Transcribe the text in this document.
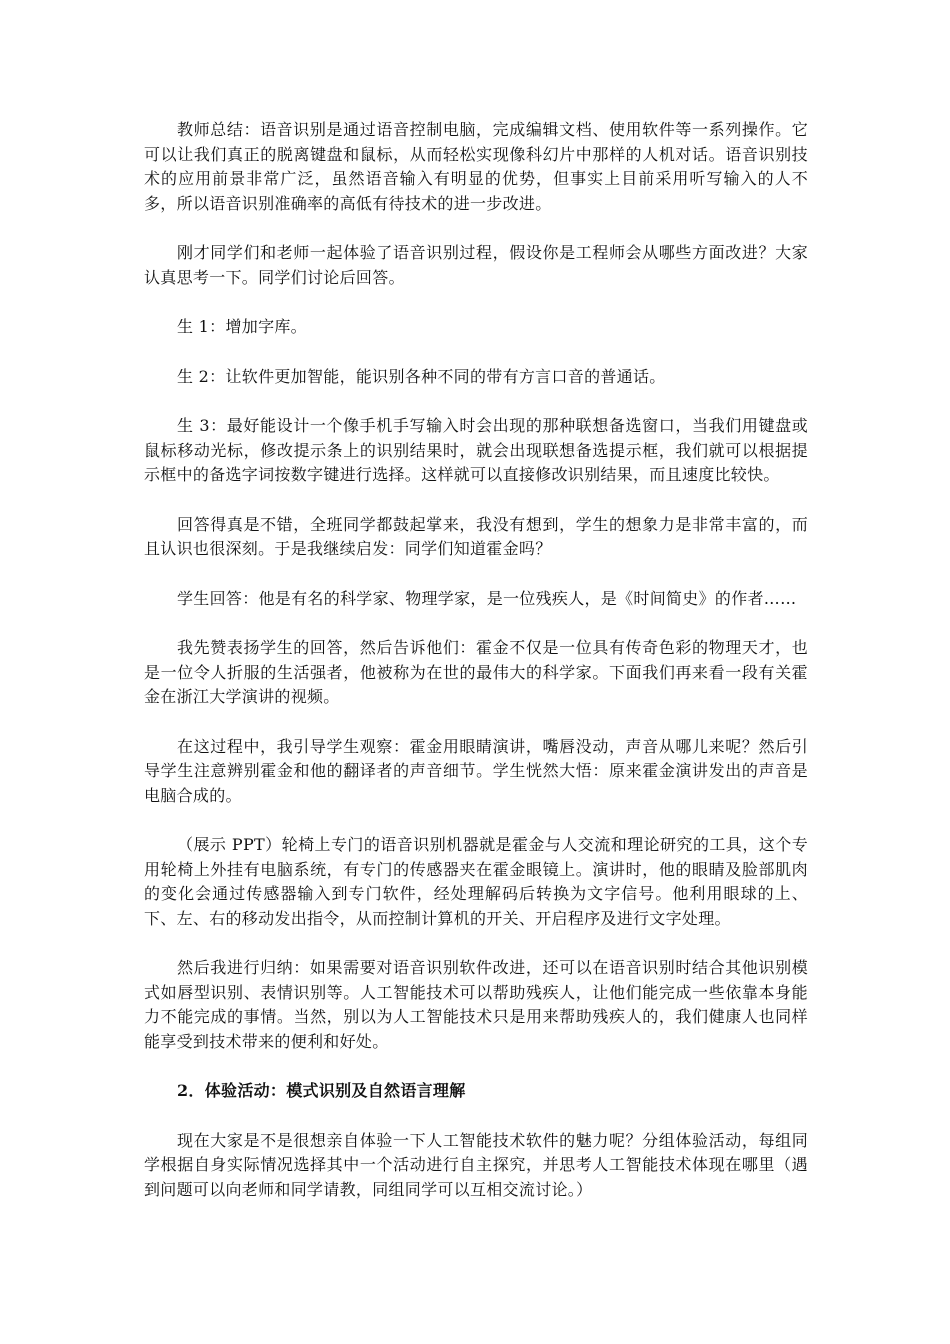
教师总结：语音识别是通过语音控制电脑，完成编辑文档、使用软件等一系列操作。它可以让我们真正的脱离键盘和鼠标，从而轻松实现像科幻片中那样的人机对话。语音识别技术的应用前景非常广泛，虽然语音输入有明显的优势，但事实上目前采用听写输入的人不多，所以语音识别准确率的高低有待技术的进一步改进。

刚才同学们和老师一起体验了语音识别过程，假设你是工程师会从哪些方面改进？大家认真思考一下。同学们讨论后回答。

生 1：增加字库。

生 2：让软件更加智能，能识别各种不同的带有方言口音的普通话。

生 3：最好能设计一个像手机手写输入时会出现的那种联想备选窗口，当我们用键盘或鼠标移动光标，修改提示条上的识别结果时，就会出现联想备选提示框，我们就可以根据提示框中的备选字词按数字键进行选择。这样就可以直接修改识别结果，而且速度比较快。

回答得真是不错，全班同学都鼓起掌来，我没有想到，学生的想象力是非常丰富的，而且认识也很深刻。于是我继续启发：同学们知道霍金吗？

学生回答：他是有名的科学家、物理学家，是一位残疾人，是《时间简史》的作者……

我先赞表扬学生的回答，然后告诉他们：霍金不仅是一位具有传奇色彩的物理天才，也是一位令人折服的生活强者，他被称为在世的最伟大的科学家。下面我们再来看一段有关霍金在浙江大学演讲的视频。

在这过程中，我引导学生观察：霍金用眼睛演讲，嘴唇没动，声音从哪儿来呢？然后引导学生注意辨别霍金和他的翻译者的声音细节。学生恍然大悟：原来霍金演讲发出的声音是电脑合成的。

（展示 PPT）轮椅上专门的语音识别机器就是霍金与人交流和理论研究的工具，这个专用轮椅上外挂有电脑系统，有专门的传感器夹在霍金眼镜上。演讲时，他的眼睛及脸部肌肉的变化会通过传感器输入到专门软件，经处理解码后转换为文字信号。他利用眼球的上、下、左、右的移动发出指令，从而控制计算机的开关、开启程序及进行文字处理。

然后我进行归纳：如果需要对语音识别软件改进，还可以在语音识别时结合其他识别模式如唇型识别、表情识别等。人工智能技术可以帮助残疾人，让他们能完成一些依靠本身能力不能完成的事情。当然，别以为人工智能技术只是用来帮助残疾人的，我们健康人也同样能享受到技术带来的便利和好处。

2．体验活动：模式识别及自然语言理解

现在大家是不是很想亲自体验一下人工智能技术软件的魅力呢？分组体验活动，每组同学根据自身实际情况选择其中一个活动进行自主探究，并思考人工智能技术体现在哪里（遇到问题可以向老师和同学请教，同组同学可以互相交流讨论。）
